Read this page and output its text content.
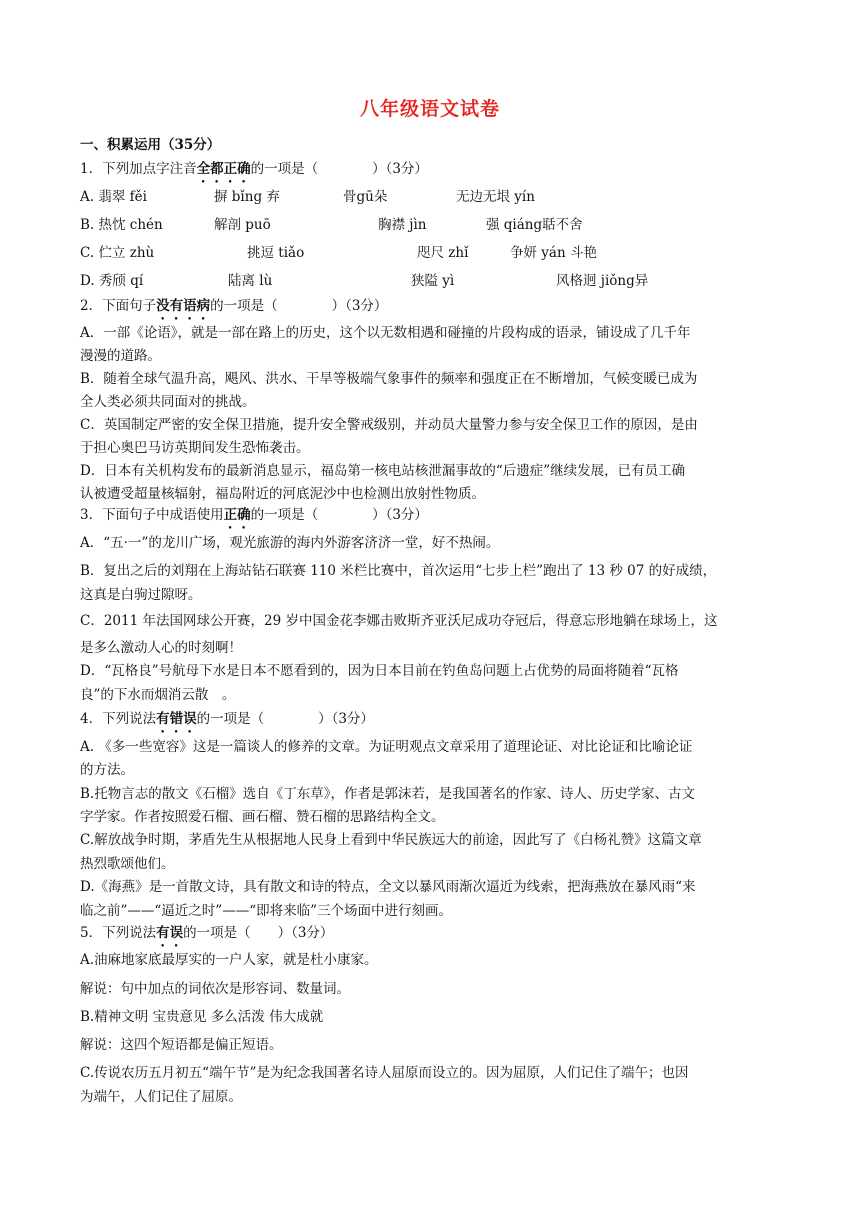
八年级语文试卷
一、积累运用（35分）
1．下列加点字注音全都正确的一项是（　　　　）（3分）
A. 翡翠 fěi	摒 bǐng 弃	骨gū朵	无边无垠 yín
B. 热忱 chén	解剖 puō	胸襟 jìn	强 qiáng聒不舍
C. 伫立 zhù	挑逗 tiǎo	咫尺 zhǐ	争妍 yán 斗艳
D. 秀颀 qí	陆离 lù	狭隘 yì	风格迥 jiǒng异
2．下面句子没有语病的一项是（　　　　）（3分）
A．一部《论语》，就是一部在路上的历史，这个以无数相遇和碰撞的片段构成的语录，铺设成了几千年
漫漫的道路。
B．随着全球气温升高，飓风、洪水、干旱等极端气象事件的频率和强度正在不断增加，气候变暖已成为
全人类必须共同面对的挑战。
C．英国制定严密的安全保卫措施，提升安全警戒级别，并动员大量警力参与安全保卫工作的原因，是由
于担心奥巴马访英期间发生恐怖袭击。
D．日本有关机构发布的最新消息显示，福岛第一核电站核泄漏事故的“后遗症”继续发展，已有员工确
认被遭受超量核辐射，福岛附近的河底泥沙中也检测出放射性物质。
3．下面句子中成语使用正确的一项是（　　　　）（3分）
A．“五·一”的龙川广场，观光旅游的海内外游客济济一堂，好不热闹。
B．复出之后的刘翔在上海站钻石联赛 110 米栏比赛中，首次运用“七步上栏”跑出了 13 秒 07 的好成绩，
这真是白驹过隙呀。
C．2011 年法国网球公开赛，29 岁中国金花李娜击败斯齐亚沃尼成功夺冠后，得意忘形地躺在球场上，这
是多么激动人心的时刻啊！
D．“瓦格良”号航母下水是日本不愿看到的，因为日本目前在钓鱼岛问题上占优势的局面将随着“瓦格
良”的下水而烟消云散　。
4．下列说法有错误的一项是（　　　　）（3分）
A. 《多一些宽容》这是一篇谈人的修养的文章。为证明观点文章采用了道理论证、对比论证和比喻论证
的方法。
B.托物言志的散文《石榴》选自《丁东草》，作者是郭沫若，是我国著名的作家、诗人、历史学家、古文
字学家。作者按照爱石榴、画石榴、赞石榴的思路结构全文。
C.解放战争时期，茅盾先生从根据地人民身上看到中华民族远大的前途，因此写了《白杨礼赞》这篇文章
热烈歌颂他们。
D.《海燕》是一首散文诗，具有散文和诗的特点，全文以暴风雨渐次逼近为线索，把海燕放在暴风雨“来
临之前”——“逼近之时”——“即将来临”三个场面中进行刻画。
5．下列说法有误的一项是（　　）（3分）
A.油麻地家底最厚实的一户人家，就是杜小康家。
解说：句中加点的词依次是形容词、数量词。
B.精神文明 宝贵意见 多么活泼 伟大成就
解说：这四个短语都是偏正短语。
C.传说农历五月初五“端午节”是为纪念我国著名诗人屈原而设立的。因为屈原，人们记住了端午；也因
为端午，人们记住了屈原。
